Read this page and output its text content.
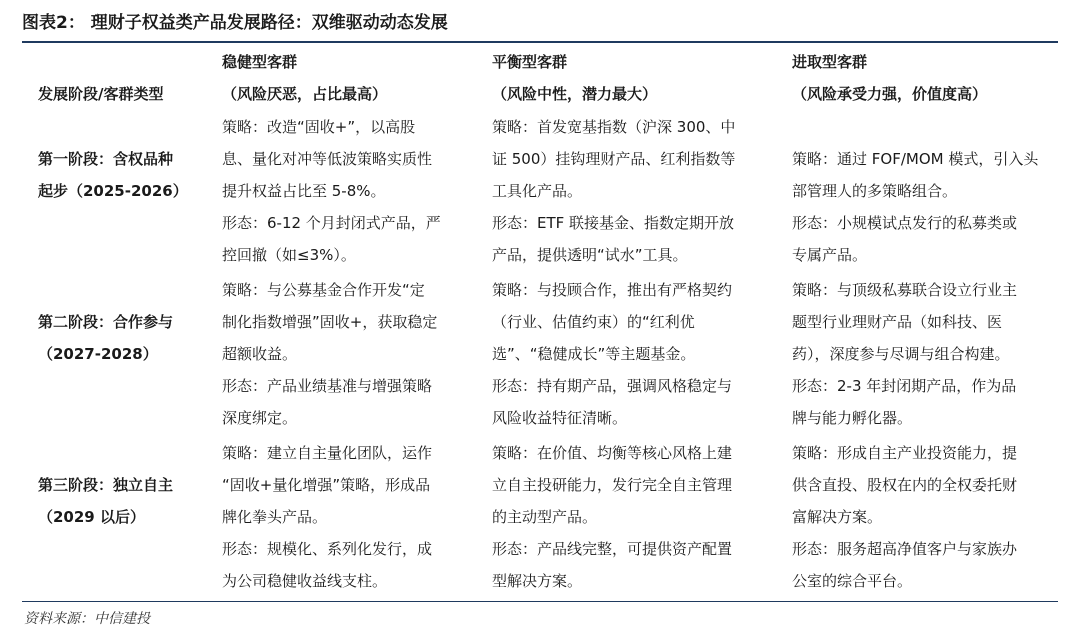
图表2： 理财子权益类产品发展路径：双维驱动动态发展
发展阶段/客群类型
稳健型客群
（风险厌恶，占比最高）
平衡型客群
（风险中性，潜力最大）
进取型客群
（风险承受力强，价值度高）
第一阶段：含权品种
起步（2025-2026）
策略：改造“固收+”，以高股
息、量化对冲等低波策略实质性
提升权益占比至 5-8%。
形态：6-12 个月封闭式产品，严
控回撤（如≤3%）。
策略：首发宽基指数（沪深 300、中
证 500）挂钩理财产品、红利指数等
工具化产品。
形态：ETF 联接基金、指数定期开放
产品，提供透明“试水”工具。
策略：通过 FOF/MOM 模式，引入头
部管理人的多策略组合。
形态：小规模试点发行的私募类或
专属产品。
第二阶段：合作参与
（2027-2028）
策略：与公募基金合作开发“定
制化指数增强”固收+，获取稳定
超额收益。
形态：产品业绩基准与增强策略
深度绑定。
策略：与投顾合作，推出有严格契约
（行业、估值约束）的“红利优
选”、“稳健成长”等主题基金。
形态：持有期产品，强调风格稳定与
风险收益特征清晰。
策略：与顶级私募联合设立行业主
题型行业理财产品（如科技、医
药），深度参与尽调与组合构建。
形态：2-3 年封闭期产品，作为品
牌与能力孵化器。
第三阶段：独立自主
（2029 以后）
策略：建立自主量化团队，运作
“固收+量化增强”策略，形成品
牌化拳头产品。
形态：规模化、系列化发行，成
为公司稳健收益线支柱。
策略：在价值、均衡等核心风格上建
立自主投研能力，发行完全自主管理
的主动型产品。
形态：产品线完整，可提供资产配置
型解决方案。
策略：形成自主产业投资能力，提
供含直投、股权在内的全权委托财
富解决方案。
形态：服务超高净值客户与家族办
公室的综合平台。
资料来源：中信建投
